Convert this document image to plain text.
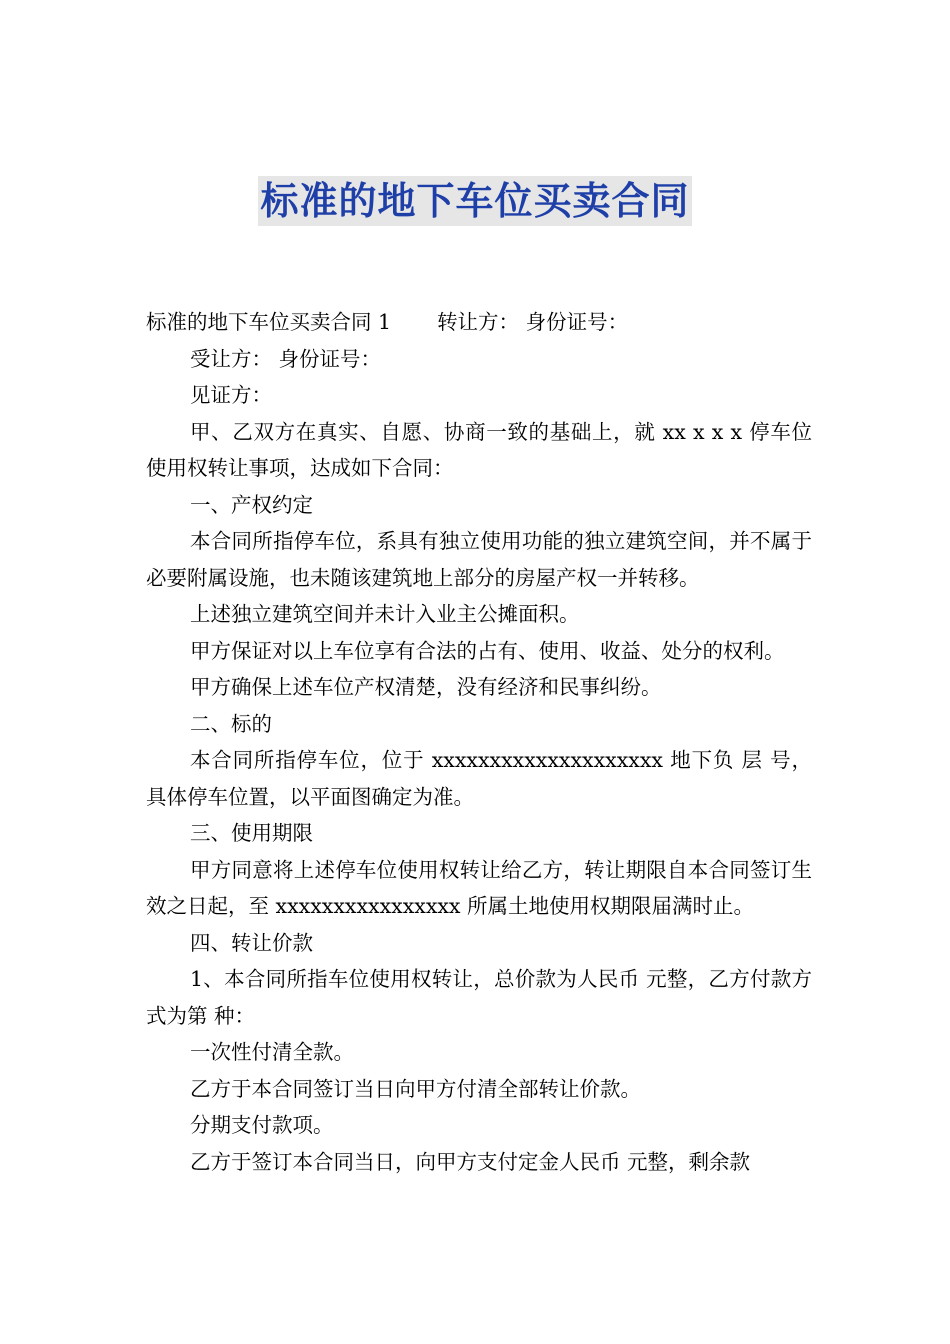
标准的地下车位买卖合同

标准的地下车位买卖合同 1 转让方： 身份证号：

受让方： 身份证号：

见证方：

甲、乙双方在真实、自愿、协商一致的基础上，就 xx x x x 停车位使用权转让事项，达成如下合同：

一、产权约定

本合同所指停车位，系具有独立使用功能的独立建筑空间，并不属于必要附属设施，也未随该建筑地上部分的房屋产权一并转移。

上述独立建筑空间并未计入业主公摊面积。

甲方保证对以上车位享有合法的占有、使用、收益、处分的权利。

甲方确保上述车位产权清楚，没有经济和民事纠纷。

二、标的

本合同所指停车位，位于 xxxxxxxxxxxxxxxxxxxx 地下负 层 号，具体停车位置，以平面图确定为准。

三、使用期限

甲方同意将上述停车位使用权转让给乙方，转让期限自本合同签订生效之日起，至 xxxxxxxxxxxxxxxx 所属土地使用权期限届满时止。

四、转让价款

1、本合同所指车位使用权转让，总价款为人民币 元整，乙方付款方式为第 种：

一次性付清全款。

乙方于本合同签订当日向甲方付清全部转让价款。

分期支付款项。

乙方于签订本合同当日，向甲方支付定金人民币 元整，剩余款
